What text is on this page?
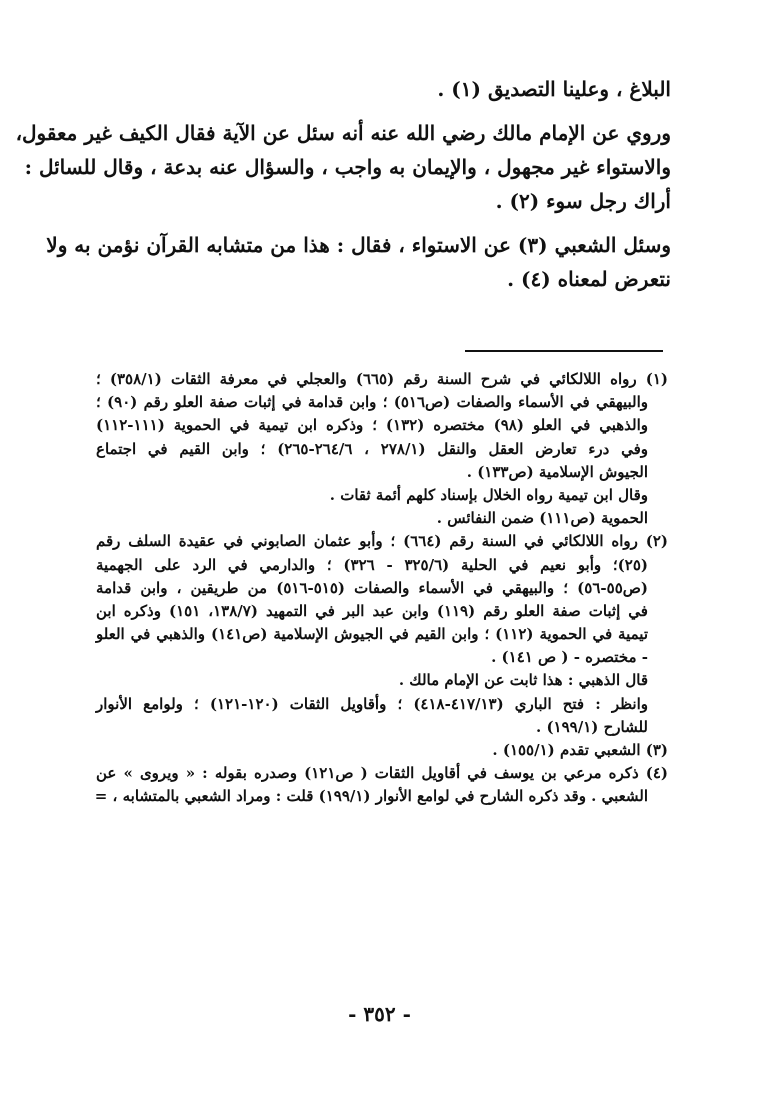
البلاغ ، وعلينا التصديق (١) .
وروي عن الإمام مالك رضي الله عنه أنه سئل عن الآية فقال الكيف غير معقول،
والاستواء غير مجهول ، والإيمان به واجب ، والسؤال عنه بدعة ، وقال للسائل :
أراك رجل سوء (٢) .
وسئل الشعبي (٣) عن الاستواء ، فقال : هذا من متشابه القرآن نؤمن به ولا
نتعرض لمعناه (٤) .
(١) رواه اللالكائي في شرح السنة رقم (٦٦٥) والعجلي في معرفة الثقات (٣٥٨/١) ؛
والبيهقي في الأسماء والصفات (ص٥١٦) ؛ وابن قدامة في إثبات صفة العلو رقم (٩٠) ؛
والذهبي في العلو (٩٨) مختصره (١٣٢) ؛ وذكره ابن تيمية في الحموية (١١١-١١٢)
وفي درء تعارض العقل والنقل (٢٧٨/١ ، ٢٦٤/٦-٢٦٥) ؛ وابن القيم في اجتماع
الجيوش الإسلامية (ص١٣٣) .
وقال ابن تيمية رواه الخلال بإسناد كلهم أئمة ثقات .
الحموية (ص١١١) ضمن النفائس .
(٢) رواه اللالكائي في السنة رقم (٦٦٤) ؛ وأبو عثمان الصابوني في عقيدة السلف رقم
(٢٥)؛ وأبو نعيم في الحلية (٣٢٥/٦ - ٣٢٦) ؛ والدارمي في الرد على الجهمية
(ص٥٥-٥٦) ؛ والبيهقي في الأسماء والصفات (٥١٥-٥١٦) من طريقين ، وابن قدامة
في إثبات صفة العلو رقم (١١٩) وابن عبد البر في التمهيد (١٣٨/٧، ١٥١) وذكره ابن
تيمية في الحموية (١١٢) ؛ وابن القيم في الجيوش الإسلامية (ص١٤١) والذهبي في العلو
- مختصره - ( ص ١٤١) .
قال الذهبي : هذا ثابت عن الإمام مالك .
وانظر : فتح الباري (٤١٧/١٣-٤١٨) ؛ وأقاويل الثقات (١٢٠-١٢١) ؛ ولوامع الأنوار
للشارح (١٩٩/١) .
(٣) الشعبي تقدم (١٥٥/١) .
(٤) ذكره مرعي بن يوسف في أقاويل الثقات ( ص١٢١) وصدره بقوله : « ويروى » عن
الشعبي . وقد ذكره الشارح في لوامع الأنوار (١٩٩/١) قلت : ومراد الشعبي بالمتشابه ، =
- ٣٥٢ -
